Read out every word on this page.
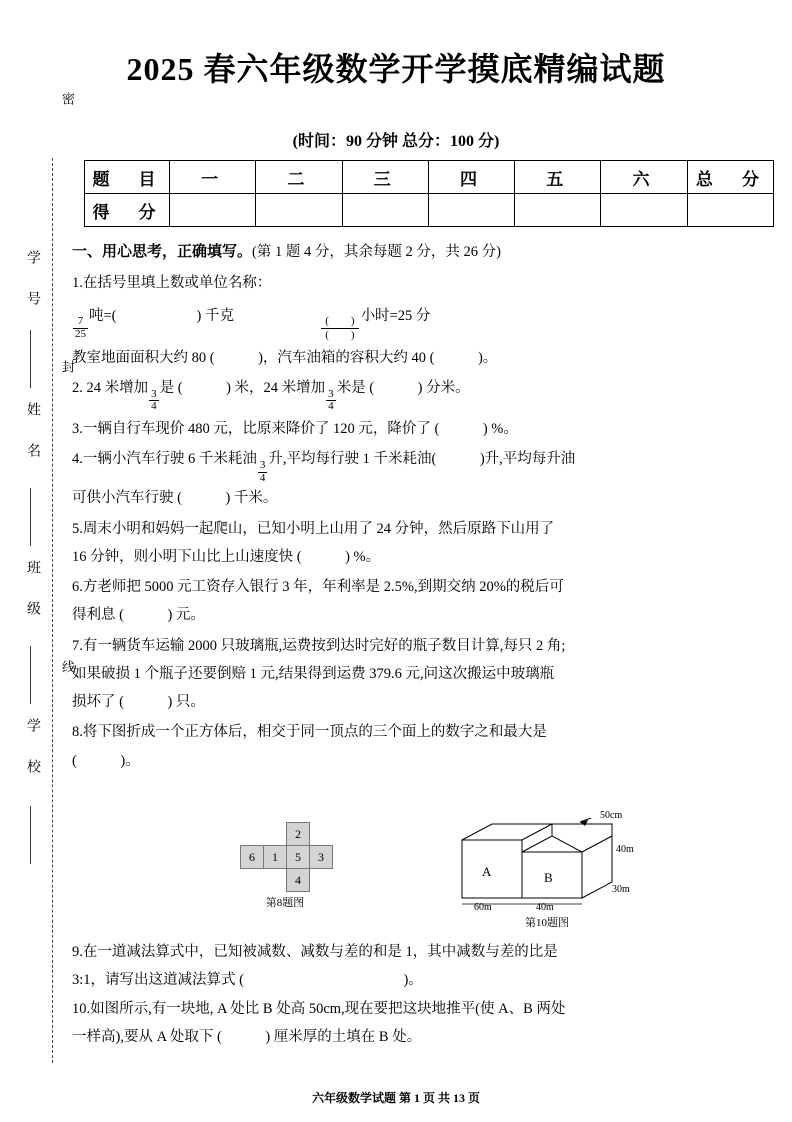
2025 春六年级数学开学摸底精编试题
(时间：90 分钟 总分：100 分)
学 号
姓 名
班 级
学 校
密
封
线
题　目	一	二	三	四	五	六	总　分
得　分							
一、用心思考，正确填写。(第 1 题 4 分，其余每题 2 分，共 26 分)
1.在括号里填上数或单位名称：
$\frac{7}{25}$
吨=(	) 千克	$\frac{( )}{( )}$ 小时=25 分
教室地面面积大约 80 (　　　)，汽车油箱的容积大约 40 (　　　)。
2. 24 米增加
$\frac{3}{4}$
是 (　　　) 米，24 米增加
$\frac{3}{4}$
米是 (　　　) 分米。
3.一辆自行车现价 480 元，比原来降价了 120 元，降价了 (　　　) %。
4.一辆小汽车行驶 6 千米耗油
$\frac{3}{4}$
升,平均每行驶 1 千米耗油(　　　)升,平均每升油
可供小汽车行驶 (　　　) 千米。
5.周末小明和妈妈一起爬山，已知小明上山用了 24 分钟，然后原路下山用了
16 分钟，则小明下山比上山速度快 (　　　) %。
6.方老师把 5000 元工资存入银行 3 年，年利率是 2.5%,到期交纳 20%的税后可
得利息 (　　　) 元。
7.有一辆货车运输 2000 只玻璃瓶,运费按到达时完好的瓶子数目计算,每只 2 角;
如果破损 1 个瓶子还要倒赔 1 元,结果得到运费 379.6 元,问这次搬运中玻璃瓶
损坏了 (　　　) 只。
8.将下图折成一个正方体后，相交于同一顶点的三个面上的数字之和最大是
(　　　)。
		2	
6	1	5	3
		4	
第8题图
A	B
50cm
40m
30m
60m	40m
第10题图
9.在一道减法算式中，已知被减数、减数与差的和是 1，其中减数与差的比是
3:1，请写出这道减法算式 (　　　　　　　　　　　)。
10.如图所示,有一块地, A 处比 B 处高 50cm,现在要把这块地推平(使 A、B 两处
一样高),要从 A 处取下 (　　　) 厘米厚的土填在 B 处。
六年级数学试题 第 1 页 共 13 页
